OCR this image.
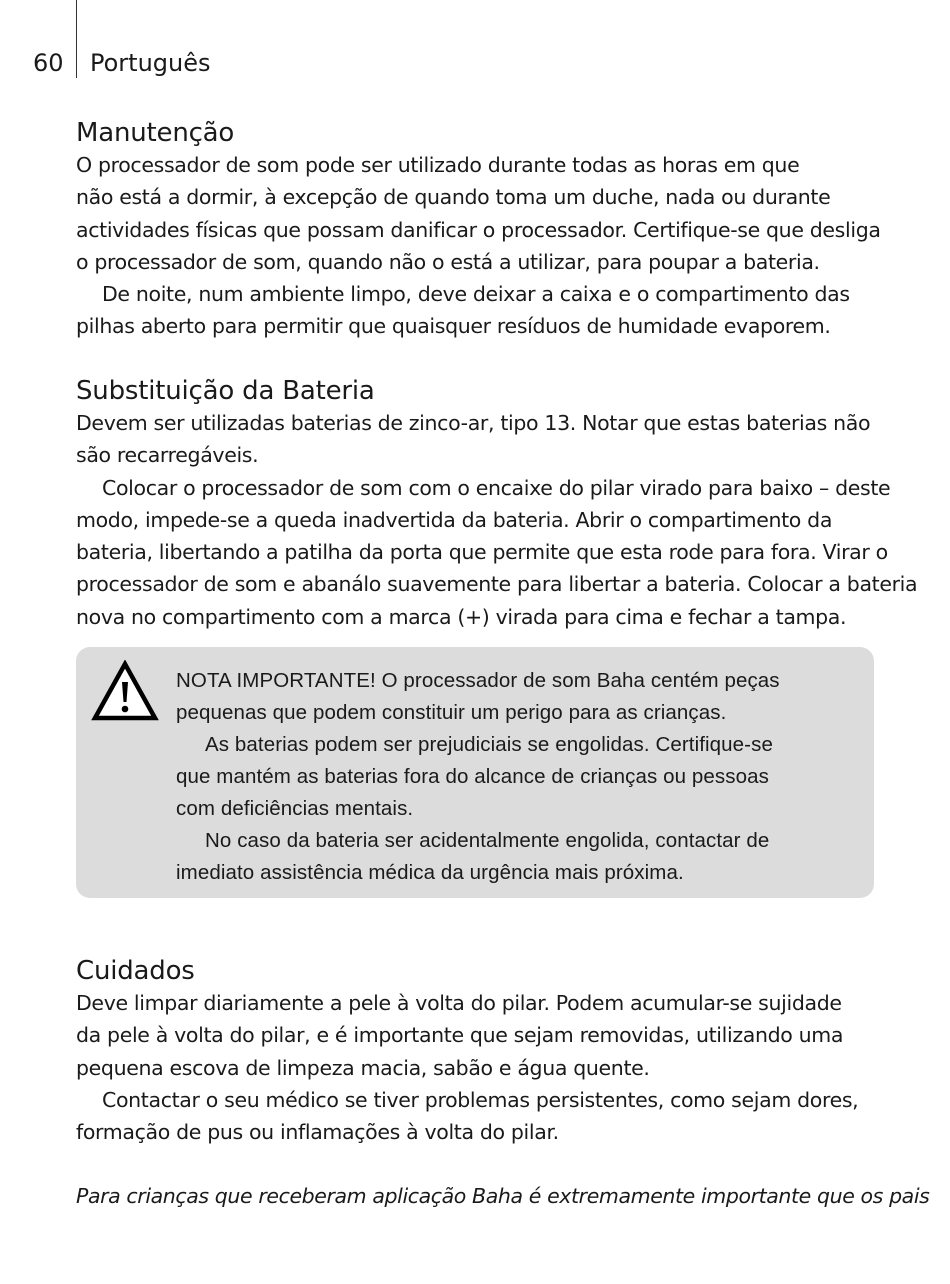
60 Português
Manutenção

O processador de som pode ser utilizado durante todas as horas em que

não está a dormir, à excepção de quando toma um duche, nada ou durante

actividades físicas que possam danificar o processador. Certifique-se que desliga

o processador de som, quando não o está a utilizar, para poupar a bateria.

De noite, num ambiente limpo, deve deixar a caixa e o compartimento das

pilhas aberto para permitir que quaisquer resíduos de humidade evaporem.

Substituição da Bateria

Devem ser utilizadas baterias de zinco-ar, tipo 13. Notar que estas baterias não

são recarregáveis.

Colocar o processador de som com o encaixe do pilar virado para baixo – deste

modo, impede-se a queda inadvertida da bateria. Abrir o compartimento da

bateria, libertando a patilha da porta que permite que esta rode para fora. Virar o

processador de som e abanálo suavemente para libertar a bateria. Colocar a bateria

nova no compartimento com a marca (+) virada para cima e fechar a tampa.

NOTA IMPORTANTE! O processador de som Baha centém peças

pequenas que podem constituir um perigo para as crianças.

As baterias podem ser prejudiciais se engolidas. Certifique-se

que mantém as baterias fora do alcance de crianças ou pessoas

com deficiências mentais.

No caso da bateria ser acidentalmente engolida, contactar de

imediato assistência médica da urgência mais próxima.

Cuidados

Deve limpar diariamente a pele à volta do pilar. Podem acumular-se sujidade

da pele à volta do pilar, e é importante que sejam removidas, utilizando uma

pequena escova de limpeza macia, sabão e água quente.

Contactar o seu médico se tiver problemas persistentes, como sejam dores,

formação de pus ou inflamações à volta do pilar.

Para crianças que receberam aplicação Baha é extremamente importante que os pais
